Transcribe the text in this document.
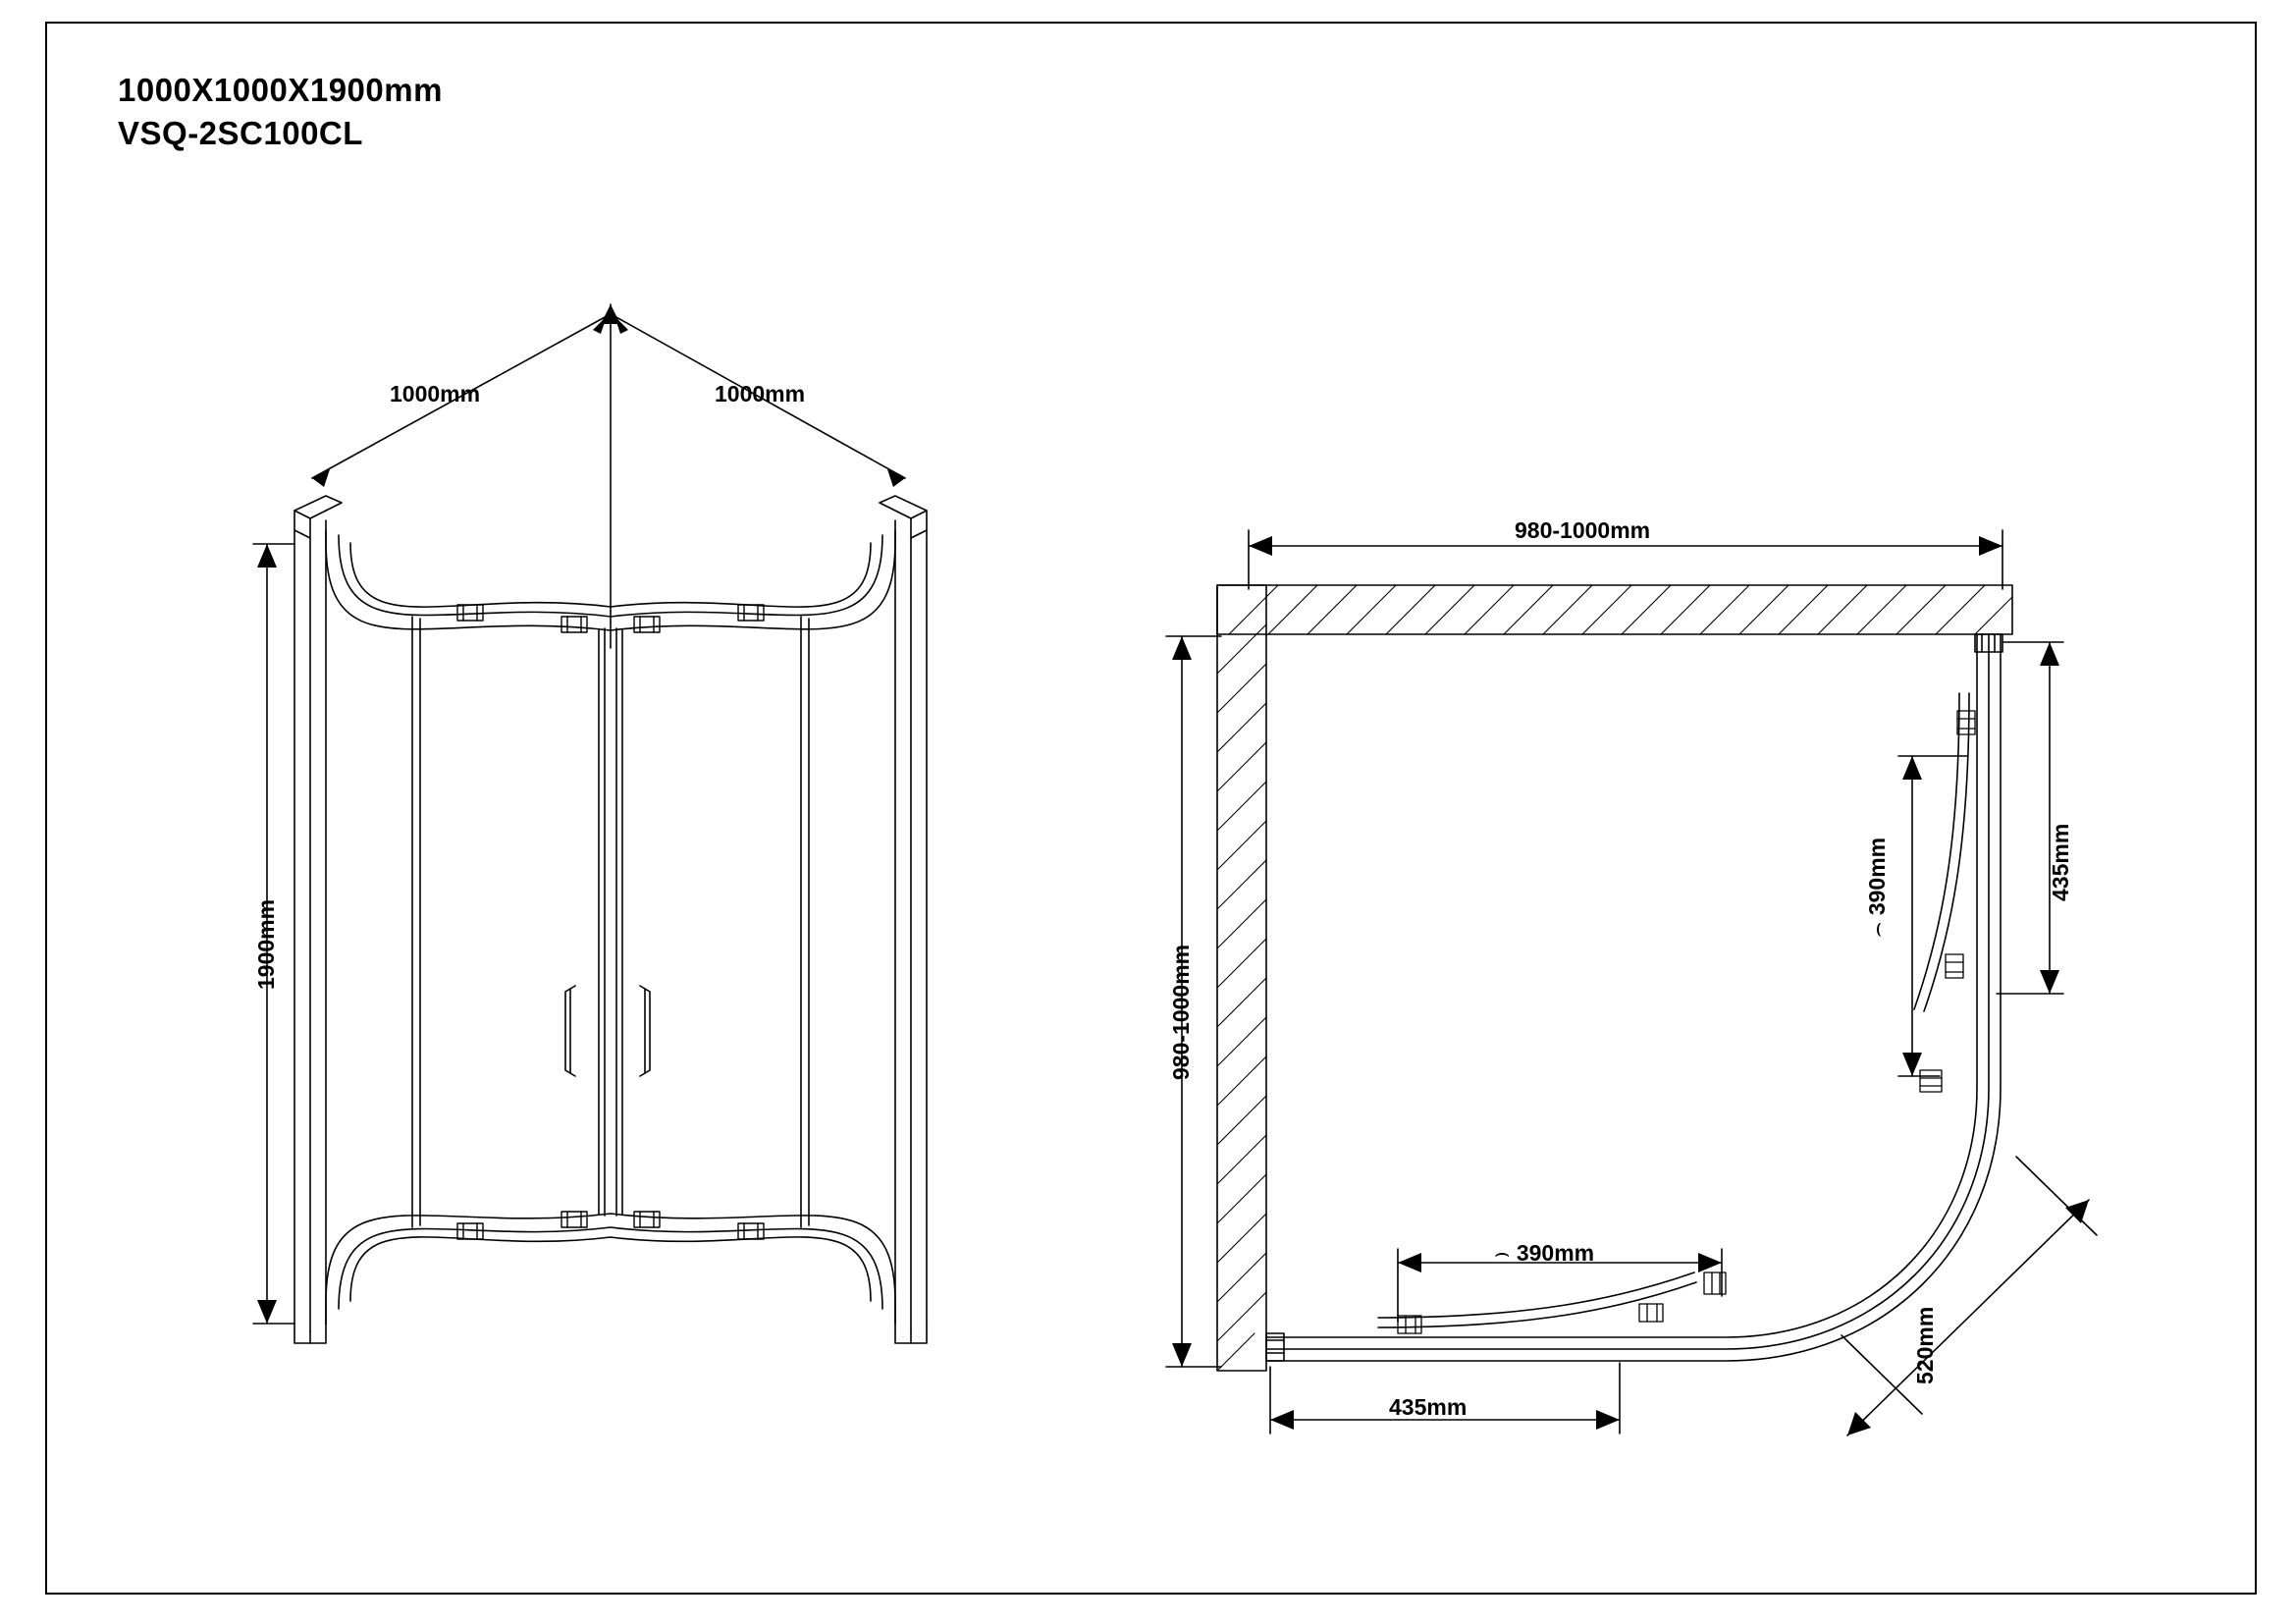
1000X1000X1900mm
VSQ-2SC100CL
1000mm	1000mm
1900mm
980-1000mm
980-1000mm
435mm
⌢ 390mm
⌢ 390mm
435mm
520mm
